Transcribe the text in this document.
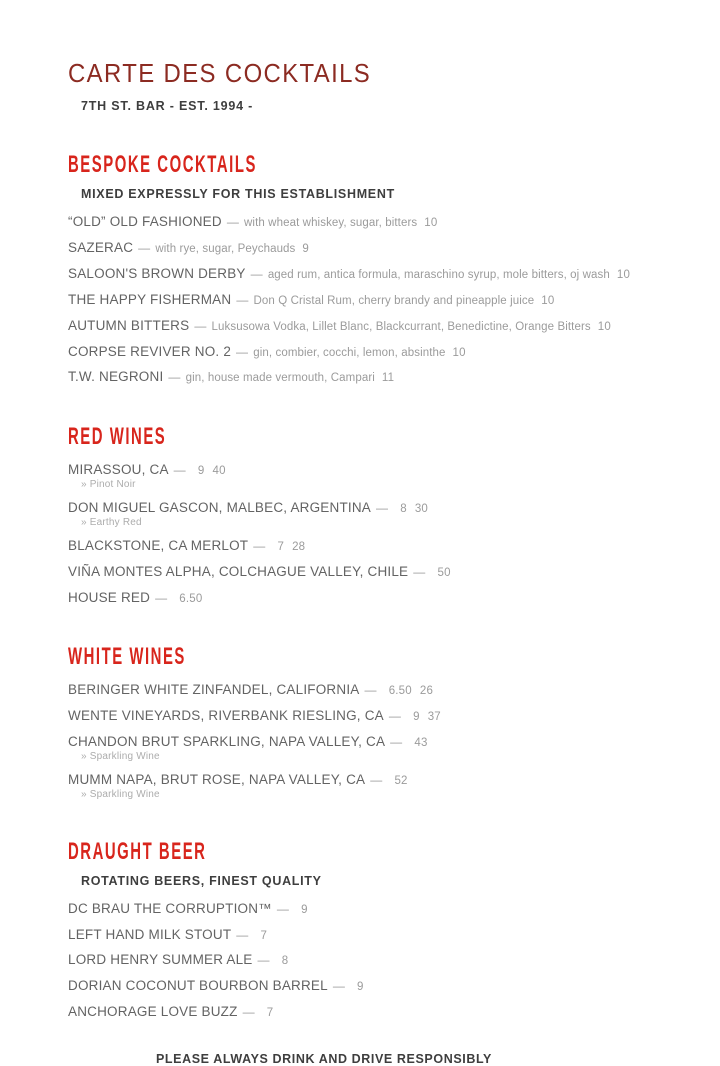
CARTE DES COCKTAILS
7TH ST. BAR - EST. 1994 -
BESPOKE COCKTAILS
MIXED EXPRESSLY FOR THIS ESTABLISHMENT
“OLD” OLD FASHIONED — with wheat whiskey, sugar, bitters 10
SAZERAC — with rye, sugar, Peychauds 9
SALOON'S BROWN DERBY — aged rum, antica formula, maraschino syrup, mole bitters, oj wash 10
THE HAPPY FISHERMAN — Don Q Cristal Rum, cherry brandy and pineapple juice 10
AUTUMN BITTERS — Luksusowa Vodka, Lillet Blanc, Blackcurrant, Benedictine, Orange Bitters 10
CORPSE REVIVER NO. 2 — gin, combier, cocchi, lemon, absinthe 10
T.W. NEGRONI — gin, house made vermouth, Campari 11
RED WINES
MIRASSOU, CA — 9 40
» Pinot Noir
DON MIGUEL GASCON, MALBEC, ARGENTINA — 8 30
» Earthy Red
BLACKSTONE, CA MERLOT — 7 28
VIÑA MONTES ALPHA, COLCHAGUE VALLEY, CHILE — 50
HOUSE RED — 6.50
WHITE WINES
BERINGER WHITE ZINFANDEL, CALIFORNIA — 6.50 26
WENTE VINEYARDS, RIVERBANK RIESLING, CA — 9 37
CHANDON BRUT SPARKLING, NAPA VALLEY, CA — 43
» Sparkling Wine
MUMM NAPA, BRUT ROSE, NAPA VALLEY, CA — 52
» Sparkling Wine
DRAUGHT BEER
ROTATING BEERS, FINEST QUALITY
DC BRAU THE CORRUPTION™ — 9
LEFT HAND MILK STOUT — 7
LORD HENRY SUMMER ALE — 8
DORIAN COCONUT BOURBON BARREL — 9
ANCHORAGE LOVE BUZZ — 7
PLEASE ALWAYS DRINK AND DRIVE RESPONSIBLY
